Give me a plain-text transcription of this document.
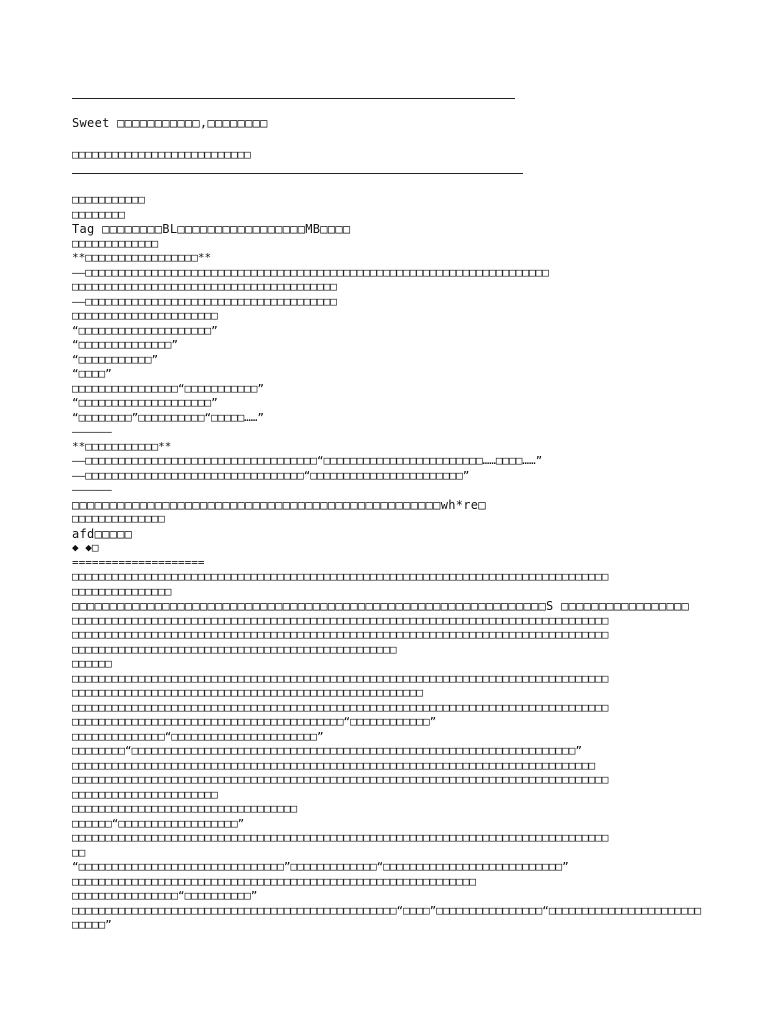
Sweet □□□□□□□□□□□,□□□□□□□□
□□□□□□□□□□□□□□□□□□□□□□□□□□□
□□□□□□□□□□□
□□□□□□□□
Tag □□□□□□□□BL□□□□□□□□□□□□□□□□□MB□□□□
□□□□□□□□□□□□□
**□□□□□□□□□□□□□□□□□**
——□□□□□□□□□□□□□□□□□□□□□□□□□□□□□□□□□□□□□□□□□□□□□□□□□□□□□□□□□□□□□□□□□□□□□□
□□□□□□□□□□□□□□□□□□□□□□□□□□□□□□□□□□□□□□□□
——□□□□□□□□□□□□□□□□□□□□□□□□□□□□□□□□□□□□□□
□□□□□□□□□□□□□□□□□□□□□□
“□□□□□□□□□□□□□□□□□□□□”
“□□□□□□□□□□□□□□”
“□□□□□□□□□□□”
“□□□□”
□□□□□□□□□□□□□□□□“□□□□□□□□□□□”
“□□□□□□□□□□□□□□□□□□□□”
“□□□□□□□□”□□□□□□□□□□“□□□□□……”
——————
**□□□□□□□□□□□**
——□□□□□□□□□□□□□□□□□□□□□□□□□□□□□□□□□□□“□□□□□□□□□□□□□□□□□□□□□□□□……□□□□……”
——□□□□□□□□□□□□□□□□□□□□□□□□□□□□□□□□□“□□□□□□□□□□□□□□□□□□□□□□□”
——————
□□□□□□□□□□□□□□□□□□□□□□□□□□□□□□□□□□□□□□□□□□□□□□□□□wh*re□
□□□□□□□□□□□□□□
afd□□□□□
◆ ◆□
====================
□□□□□□□□□□□□□□□□□□□□□□□□□□□□□□□□□□□□□□□□□□□□□□□□□□□□□□□□□□□□□□□□□□□□□□□□□□□□□□□□□
□□□□□□□□□□□□□□□
□□□□□□□□□□□□□□□□□□□□□□□□□□□□□□□□□□□□□□□□□□□□□□□□□□□□□□□□□□□□□□□S □□□□□□□□□□□□□□□□□
□□□□□□□□□□□□□□□□□□□□□□□□□□□□□□□□□□□□□□□□□□□□□□□□□□□□□□□□□□□□□□□□□□□□□□□□□□□□□□□□□
□□□□□□□□□□□□□□□□□□□□□□□□□□□□□□□□□□□□□□□□□□□□□□□□□□□□□□□□□□□□□□□□□□□□□□□□□□□□□□□□□
□□□□□□□□□□□□□□□□□□□□□□□□□□□□□□□□□□□□□□□□□□□□□□□□□
□□□□□□
□□□□□□□□□□□□□□□□□□□□□□□□□□□□□□□□□□□□□□□□□□□□□□□□□□□□□□□□□□□□□□□□□□□□□□□□□□□□□□□□□
□□□□□□□□□□□□□□□□□□□□□□□□□□□□□□□□□□□□□□□□□□□□□□□□□□□□□
□□□□□□□□□□□□□□□□□□□□□□□□□□□□□□□□□□□□□□□□□□□□□□□□□□□□□□□□□□□□□□□□□□□□□□□□□□□□□□□□□
□□□□□□□□□□□□□□□□□□□□□□□□□□□□□□□□□□□□□□□□□“□□□□□□□□□□□□”
□□□□□□□□□□□□□□“□□□□□□□□□□□□□□□□□□□□□□”
□□□□□□□□“□□□□□□□□□□□□□□□□□□□□□□□□□□□□□□□□□□□□□□□□□□□□□□□□□□□□□□□□□□□□□□□□□□□”
□□□□□□□□□□□□□□□□□□□□□□□□□□□□□□□□□□□□□□□□□□□□□□□□□□□□□□□□□□□□□□□□□□□□□□□□□□□□□□□
□□□□□□□□□□□□□□□□□□□□□□□□□□□□□□□□□□□□□□□□□□□□□□□□□□□□□□□□□□□□□□□□□□□□□□□□□□□□□□□□□
□□□□□□□□□□□□□□□□□□□□□□
□□□□□□□□□□□□□□□□□□□□□□□□□□□□□□□□□□
□□□□□□“□□□□□□□□□□□□□□□□□□”
□□□□□□□□□□□□□□□□□□□□□□□□□□□□□□□□□□□□□□□□□□□□□□□□□□□□□□□□□□□□□□□□□□□□□□□□□□□□□□□□□
□□
“□□□□□□□□□□□□□□□□□□□□□□□□□□□□□□□”□□□□□□□□□□□□□“□□□□□□□□□□□□□□□□□□□□□□□□□□□”
□□□□□□□□□□□□□□□□□□□□□□□□□□□□□□□□□□□□□□□□□□□□□□□□□□□□□□□□□□□□□
□□□□□□□□□□□□□□□□“□□□□□□□□□□”
□□□□□□□□□□□□□□□□□□□□□□□□□□□□□□□□□□□□□□□□□□□□□□□□□“□□□□”□□□□□□□□□□□□□□□□“□□□□□□□□□□□□□□□□□□□□□□□
□□□□□”
